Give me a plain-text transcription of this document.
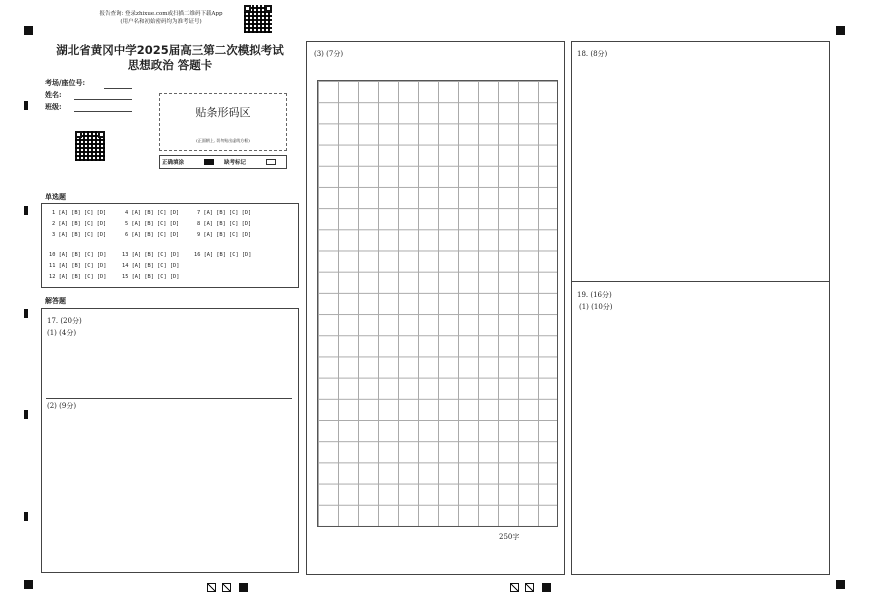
报告查询: 登录zhixue.com或扫描二维码下载App
(用户名和初始密码均为准考证号)
湖北省黄冈中学2025届高三第二次模拟考试
思想政治 答题卡
考场/座位号:
姓名:
班级:	贴条形码区
(正面朝上, 切勿贴出虚线方框)
正确填涂	缺考标记
单选题
1 [A] [B] [C] [D]	4 [A] [B] [C] [D]	7 [A] [B] [C] [D]
2 [A] [B] [C] [D]	5 [A] [B] [C] [D]	8 [A] [B] [C] [D]
3 [A] [B] [C] [D]	6 [A] [B] [C] [D]	9 [A] [B] [C] [D]
10 [A] [B] [C] [D]	13 [A] [B] [C] [D]	16 [A] [B] [C] [D]
11 [A] [B] [C] [D]	14 [A] [B] [C] [D]
12 [A] [B] [C] [D]	15 [A] [B] [C] [D]
解答题
17. (20分)
(1) (4分)
(2) (9分)
(3) (7分)
250字
18. (8分)
19. (16分)
(1) (10分)
